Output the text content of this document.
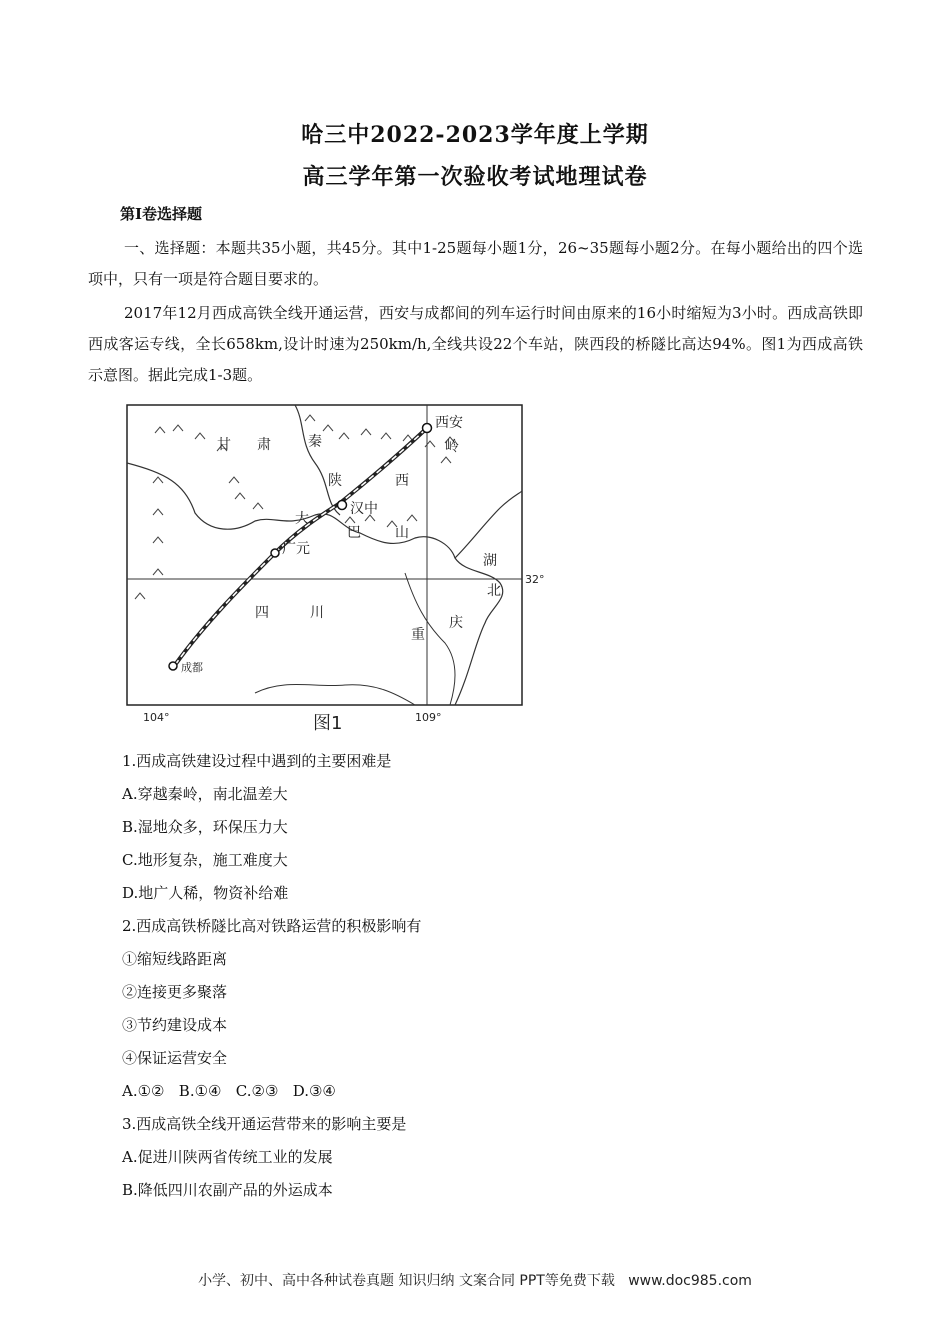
哈三中2022-2023学年度上学期
高三学年第一次验收考试地理试卷
第I卷选择题
一、选择题：本题共35小题，共45分。其中1-25题每小题1分，26~35题每小题2分。在每小题给出的四个选项中，只有一项是符合题目要求的。
2017年12月西成高铁全线开通运营，西安与成都间的列车运行时间由原来的16小时缩短为3小时。西成高铁即西成客运专线，全长658km,设计时速为250km/h,全线共设22个车站，陕西段的桥隧比高达94%。图1为西成高铁示意图。据此完成1-3题。
甘 肃	秦
陕	西
西安
岭
汉中
大
巴 山
广元
湖
北
32°
四	川
重
庆
成都
104°	109°
图1
1.西成高铁建设过程中遇到的主要困难是
A.穿越秦岭，南北温差大
B.湿地众多，环保压力大
C.地形复杂，施工难度大
D.地广人稀，物资补给难
2.西成高铁桥隧比高对铁路运营的积极影响有
①缩短线路距离
②连接更多聚落
③节约建设成本
④保证运营安全
A.①②   B.①④   C.②③   D.③④
3.西成高铁全线开通运营带来的影响主要是
A.促进川陕两省传统工业的发展
B.降低四川农副产品的外运成本
小学、初中、高中各种试卷真题 知识归纳 文案合同 PPT等免费下载   www.doc985.com
